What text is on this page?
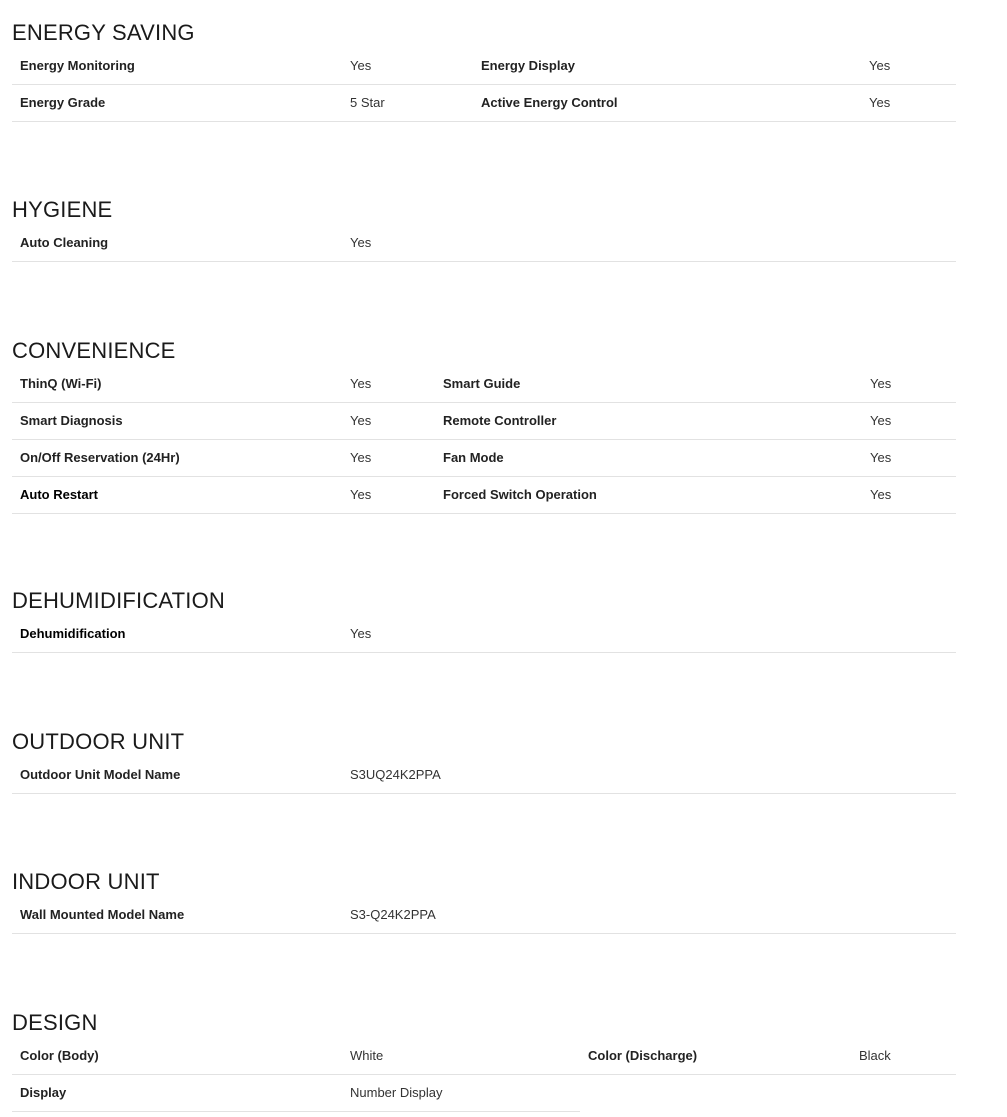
ENERGY SAVING
Energy Monitoring	Yes	Energy Display	Yes
Energy Grade	5 Star	Active Energy Control	Yes
HYGIENE
Auto Cleaning	Yes
CONVENIENCE
ThinQ (Wi-Fi)	Yes	Smart Guide	Yes
Smart Diagnosis	Yes	Remote Controller	Yes
On/Off Reservation (24Hr)	Yes	Fan Mode	Yes
Auto Restart	Yes	Forced Switch Operation	Yes
DEHUMIDIFICATION
Dehumidification	Yes
OUTDOOR UNIT
Outdoor Unit Model Name	S3UQ24K2PPA
INDOOR UNIT
Wall Mounted Model Name	S3-Q24K2PPA
DESIGN
Color (Body)	White	Color (Discharge)	Black
Display	Number Display
